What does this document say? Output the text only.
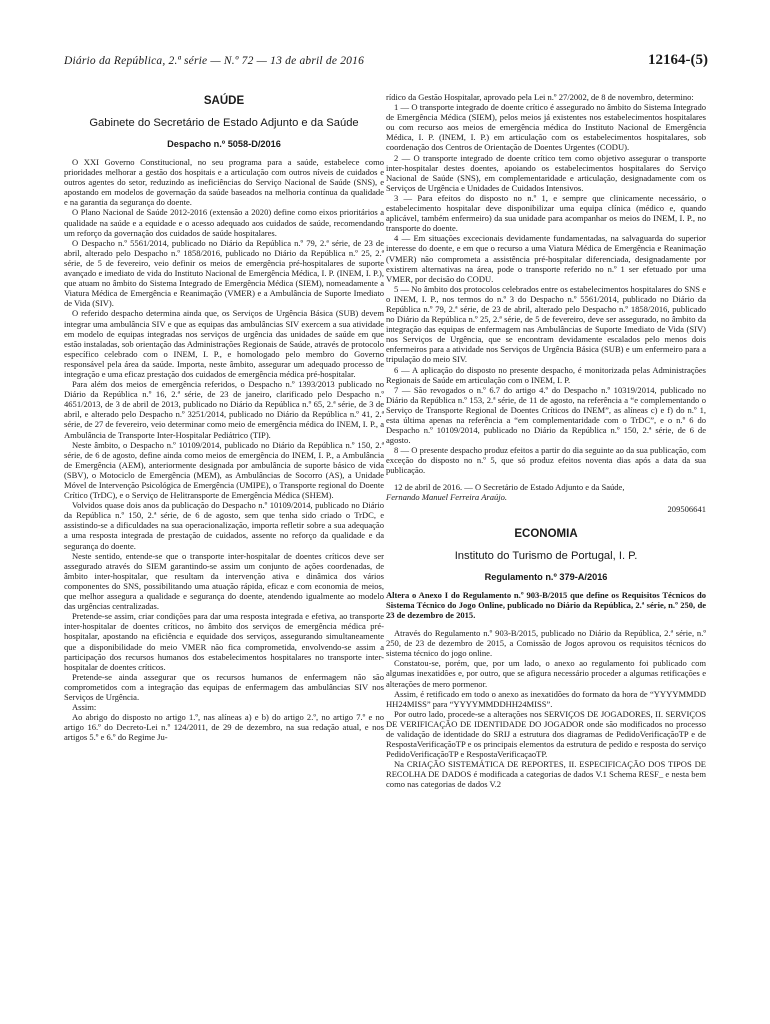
Diário da República, 2.ª série — N.º 72 — 13 de abril de 2016	12164-(5)
SAÚDE
Gabinete do Secretário de Estado Adjunto e da Saúde
Despacho n.º 5058-D/2016

O XXI Governo Constitucional, no seu programa para a saúde, estabelece como prioridades melhorar a gestão dos hospitais e a articulação com outros níveis de cuidados e outros agentes do setor, reduzindo as ineficiências do Serviço Nacional de Saúde (SNS), e apostando em modelos de governação da saúde baseados na melhoria contínua da qualidade e na garantia da segurança do doente.

O Plano Nacional de Saúde 2012-2016 (extensão a 2020) define como eixos prioritários a qualidade na saúde e a equidade e o acesso adequado aos cuidados de saúde, recomendando um reforço da governação dos cuidados de saúde hospitalares.

O Despacho n.º 5561/2014, publicado no Diário da República n.º 79, 2.ª série, de 23 de abril, alterado pelo Despacho n.º 1858/2016, publicado no Diário da República n.º 25, 2.ª série, de 5 de fevereiro, veio definir os meios de emergência pré-hospitalares de suporte avançado e imediato de vida do Instituto Nacional de Emergência Médica, I. P. (INEM, I. P.), que atuam no âmbito do Sistema Integrado de Emergência Médica (SIEM), nomeadamente a Viatura Médica de Emergência e Reanimação (VMER) e a Ambulância de Suporte Imediato de Vida (SIV).

O referido despacho determina ainda que, os Serviços de Urgência Básica (SUB) devem integrar uma ambulância SIV e que as equipas das ambulâncias SIV exercem a sua atividade em modelo de equipas integradas nos serviços de urgência das unidades de saúde em que estão instaladas, sob orientação das Administrações Regionais de Saúde, através de protocolo específico celebrado com o INEM, I. P., e homologado pelo membro do Governo responsável pela área da saúde. Importa, neste âmbito, assegurar um adequado processo de integração e uma eficaz prestação dos cuidados de emergência médica pré-hospitalar.

Para além dos meios de emergência referidos, o Despacho n.º 1393/2013 publicado no Diário da República n.º 16, 2.ª série, de 23 de janeiro, clarificado pelo Despacho n.º 4651/2013, de 3 de abril de 2013, publicado no Diário da República n.º 65, 2.ª série, de 3 de abril, e alterado pelo Despacho n.º 3251/2014, publicado no Diário da República n.º 41, 2.ª série, de 27 de fevereiro, veio determinar como meio de emergência médica do INEM, I. P., a Ambulância de Transporte Inter-Hospitalar Pediátrico (TIP).

Neste âmbito, o Despacho n.º 10109/2014, publicado no Diário da República n.º 150, 2.ª série, de 6 de agosto, define ainda como meios de emergência do INEM, I. P., a Ambulância de Emergência (AEM), anteriormente designada por ambulância de suporte básico de vida (SBV), o Motociclo de Emergência (MEM), as Ambulâncias de Socorro (AS), a Unidade Móvel de Intervenção Psicológica de Emergência (UMIPE), o Transporte regional do Doente Crítico (TrDC), e o Serviço de Helitransporte de Emergência Médica (SHEM).

Volvidos quase dois anos da publicação do Despacho n.º 10109/2014, publicado no Diário da República n.º 150, 2.ª série, de 6 de agosto, sem que tenha sido criado o TrDC, e assistindo-se a dificuldades na sua operacionalização, importa refletir sobre a sua adequação a uma resposta integrada de prestação de cuidados, assente no reforço da qualidade e da segurança do doente.

Neste sentido, entende-se que o transporte inter-hospitalar de doentes críticos deve ser assegurado através do SIEM garantindo-se assim um conjunto de ações coordenadas, de âmbito inter-hospitalar, que resultam da intervenção ativa e dinâmica dos vários componentes do SNS, possibilitando uma atuação rápida, eficaz e com economia de meios, que melhor assegura a qualidade e segurança do doente, atendendo igualmente ao modelo das urgências centralizadas.

Pretende-se assim, criar condições para dar uma resposta integrada e efetiva, ao transporte inter-hospitalar de doentes críticos, no âmbito dos serviços de emergência médica pré-hospitalar, apostando na eficiência e equidade dos serviços, assegurando simultaneamente que a disponibilidade do meio VMER não fica comprometida, envolvendo-se assim a participação dos recursos humanos dos estabelecimentos hospitalares no transporte inter-hospitalar de doentes críticos.

Pretende-se ainda assegurar que os recursos humanos de enfermagem não são comprometidos com a integração das equipas de enfermagem das ambulâncias SIV nos Serviços de Urgência.

Assim:

Ao abrigo do disposto no artigo 1.º, nas alíneas a) e b) do artigo 2.º, no artigo 7.º e no artigo 16.º do Decreto-Lei n.º 124/2011, de 29 de dezembro, na sua redação atual, e nos artigos 5.º e 6.º do Regime Ju-

rídico da Gestão Hospitalar, aprovado pela Lei n.º 27/2002, de 8 de novembro, determino:

1 — O transporte integrado de doente crítico é assegurado no âmbito do Sistema Integrado de Emergência Médica (SIEM), pelos meios já existentes nos estabelecimentos hospitalares ou com recurso aos meios de emergência médica do Instituto Nacional de Emergência Médica, I. P. (INEM, I. P.) em articulação com os estabelecimentos hospitalares, sob coordenação dos Centros de Orientação de Doentes Urgentes (CODU).

2 — O transporte integrado de doente crítico tem como objetivo assegurar o transporte inter-hospitalar destes doentes, apoiando os estabelecimentos hospitalares do Serviço Nacional de Saúde (SNS), em complementaridade e articulação, designadamente com os Serviços de Urgência e Unidades de Cuidados Intensivos.

3 — Para efeitos do disposto no n.º 1, e sempre que clinicamente necessário, o estabelecimento hospitalar deve disponibilizar uma equipa clínica (médico e, quando aplicável, também enfermeiro) da sua unidade para acompanhar os meios do INEM, I. P., no transporte do doente.

4 — Em situações excecionais devidamente fundamentadas, na salvaguarda do superior interesse do doente, e em que o recurso a uma Viatura Médica de Emergência e Reanimação (VMER) não comprometa a assistência pré-hospitalar diferenciada, designadamente por existirem alternativas na área, pode o transporte referido no n.º 1 ser efetuado por uma VMER, por decisão do CODU.

5 — No âmbito dos protocolos celebrados entre os estabelecimentos hospitalares do SNS e o INEM, I. P., nos termos do n.º 3 do Despacho n.º 5561/2014, publicado no Diário da República n.º 79, 2.ª série, de 23 de abril, alterado pelo Despacho n.º 1858/2016, publicado no Diário da República n.º 25, 2.ª série, de 5 de fevereiro, deve ser assegurado, no âmbito da integração das equipas de enfermagem nas Ambulâncias de Suporte Imediato de Vida (SIV) nos Serviços de Urgência, que se encontram devidamente escalados pelo menos dois enfermeiros para a atividade nos Serviços de Urgência Básica (SUB) e um enfermeiro para a tripulação do meio SIV.

6 — A aplicação do disposto no presente despacho, é monitorizada pelas Administrações Regionais de Saúde em articulação com o INEM, I. P.

7 — São revogados o n.º 6.7 do artigo 4.º do Despacho n.º 10319/2014, publicado no Diário da República n.º 153, 2.ª série, de 11 de agosto, na referência a “e complementando o Serviço de Transporte Regional de Doentes Críticos do INEM”, as alíneas c) e f) do n.º 1, esta última apenas na referência a “em complementaridade com o TrDC”, e o n.º 6 do Despacho n.º 10109/2014, publicado no Diário da República n.º 150, 2.ª série, de 6 de agosto.

8 — O presente despacho produz efeitos a partir do dia seguinte ao da sua publicação, com exceção do disposto no n.º 5, que só produz efeitos noventa dias após a data da sua publicação.

12 de abril de 2016. — O Secretário de Estado Adjunto e da Saúde,

Fernando Manuel Ferreira Araújo.
209506641
ECONOMIA
Instituto do Turismo de Portugal, I. P.
Regulamento n.º 379-A/2016

Altera o Anexo I do Regulamento n.º 903-B/2015 que define os Requisitos Técnicos do Sistema Técnico do Jogo Online, publicado no Diário da República, 2.ª série, n.º 250, de 23 de dezembro de 2015.

Através do Regulamento n.º 903-B/2015, publicado no Diário da República, 2.ª série, n.º 250, de 23 de dezembro de 2015, a Comissão de Jogos aprovou os requisitos técnicos do sistema técnico do jogo online.

Constatou-se, porém, que, por um lado, o anexo ao regulamento foi publicado com algumas inexatidões e, por outro, que se afigura necessário proceder a algumas retificações e alterações de mero pormenor.

Assim, é retificado em todo o anexo as inexatidões do formato da hora de “YYYYMMDD HH24MISS” para “YYYYMMDDHH24MISS”.

Por outro lado, procede-se a alterações nos SERVIÇOS DE JOGADORES, II. SERVIÇOS DE VERIFICAÇÃO DE IDENTIDADE DO JOGADOR onde são modificados no processo de validação de identidade do SRIJ a estrutura dos diagramas de PedidoVerificaçãoTP e de RespostaVerificaçãoTP e os principais elementos da estrutura de pedido e resposta do serviço PedidoVerificaçãoTP e RespostaVerificaçaoTP.

Na CRIAÇÃO SISTEMÁTICA DE REPORTES, II. ESPECIFICAÇÃO DOS TIPOS DE RECOLHA DE DADOS é modificada a categorias de dados V.1 Schema RESF_ e nesta bem como nas categorias de dados V.2
